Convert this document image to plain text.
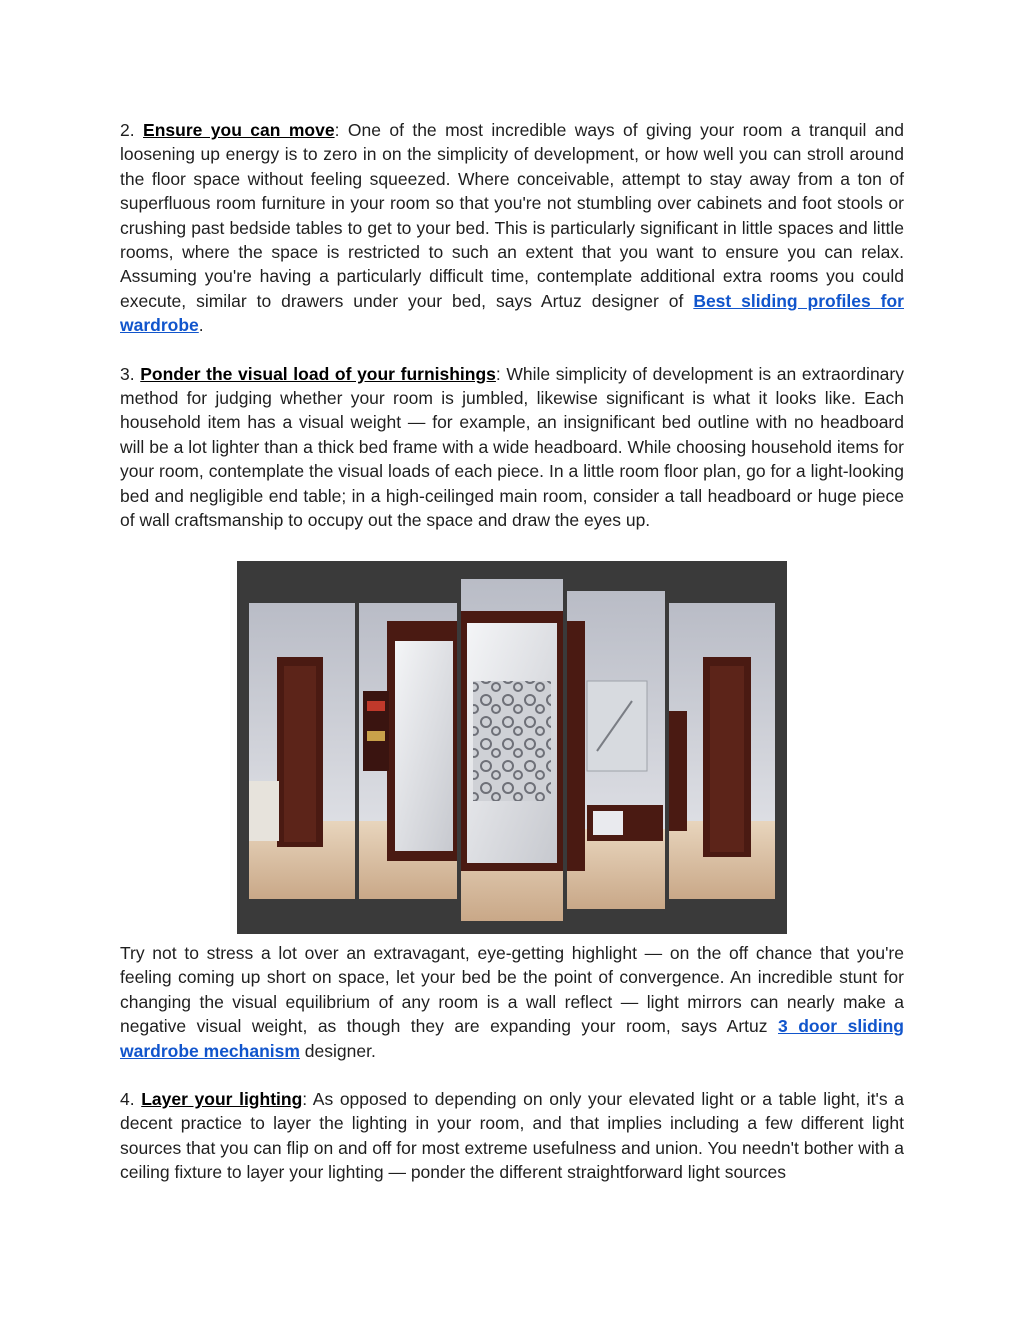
2. Ensure you can move: One of the most incredible ways of giving your room a tranquil and loosening up energy is to zero in on the simplicity of development, or how well you can stroll around the floor space without feeling squeezed. Where conceivable, attempt to stay away from a ton of superfluous room furniture in your room so that you're not stumbling over cabinets and foot stools or crushing past bedside tables to get to your bed. This is particularly significant in little spaces and little rooms, where the space is restricted to such an extent that you want to ensure you can relax. Assuming you're having a particularly difficult time, contemplate additional extra rooms you could execute, similar to drawers under your bed, says Artuz designer of Best sliding profiles for wardrobe.

3. Ponder the visual load of your furnishings: While simplicity of development is an extraordinary method for judging whether your room is jumbled, likewise significant is what it looks like. Each household item has a visual weight — for example, an insignificant bed outline with no headboard will be a lot lighter than a thick bed frame with a wide headboard. While choosing household items for your room, contemplate the visual loads of each piece. In a little room floor plan, go for a light-looking bed and negligible end table; in a high-ceilinged main room, consider a tall headboard or huge piece of wall craftsmanship to occupy out the space and draw the eyes up.

Try not to stress a lot over an extravagant, eye-getting highlight — on the off chance that you're feeling coming up short on space, let your bed be the point of convergence. An incredible stunt for changing the visual equilibrium of any room is a wall reflect — light mirrors can nearly make a negative visual weight, as though they are expanding your room, says Artuz 3 door sliding wardrobe mechanism designer.

4. Layer your lighting: As opposed to depending on only your elevated light or a table light, it's a decent practice to layer the lighting in your room, and that implies including a few different light sources that you can flip on and off for most extreme usefulness and union. You needn't bother with a ceiling fixture to layer your lighting — ponder the different straightforward light sources
